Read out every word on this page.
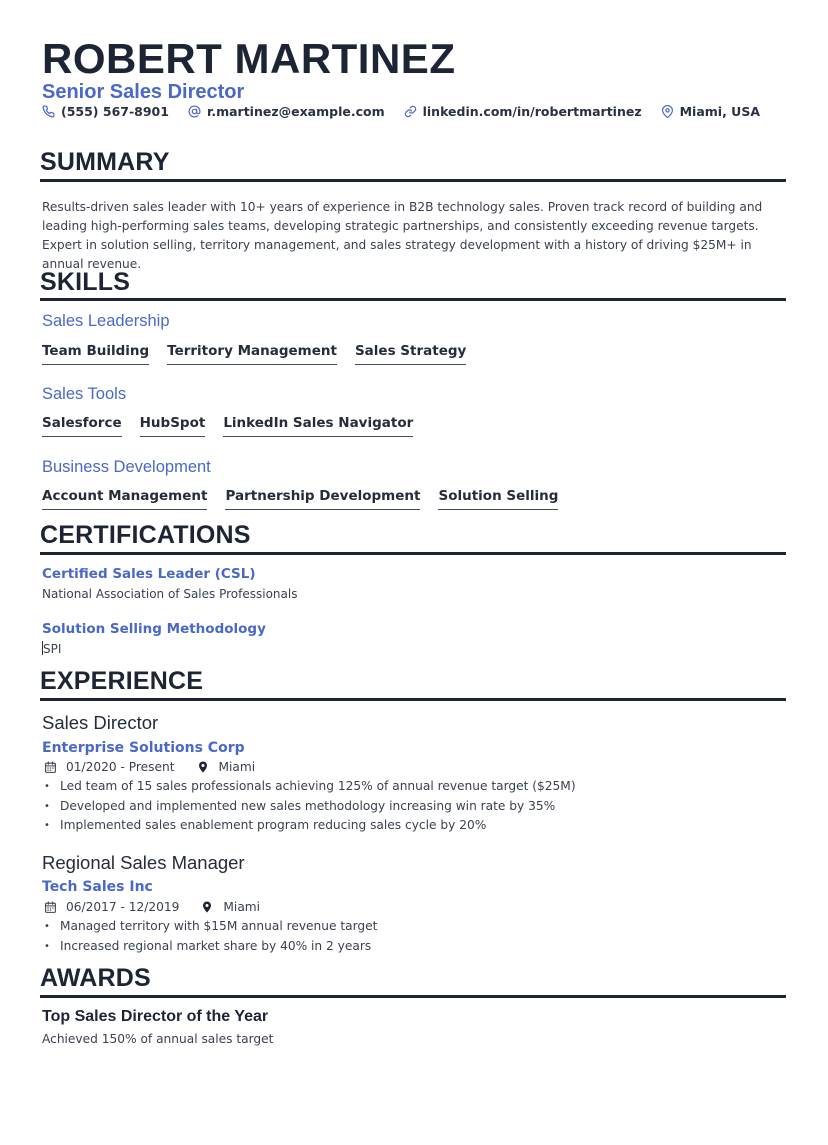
ROBERT MARTINEZ
Senior Sales Director
(555) 567-8901	r.martinez@example.com	linkedin.com/in/robertmartinez	Miami, USA
SUMMARY
Results-driven sales leader with 10+ years of experience in B2B technology sales. Proven track record of building and leading high-performing sales teams, developing strategic partnerships, and consistently exceeding revenue targets. Expert in solution selling, territory management, and sales strategy development with a history of driving $25M+ in annual revenue.
SKILLS
Sales Leadership
Team Building Territory Management Sales Strategy
Sales Tools
Salesforce HubSpot LinkedIn Sales Navigator
Business Development
Account Management Partnership Development Solution Selling
CERTIFICATIONS
Certified Sales Leader (CSL)
National Association of Sales Professionals
Solution Selling Methodology
SPI
EXPERIENCE
Sales Director
Enterprise Solutions Corp
01/2020 - Present	Miami
• Led team of 15 sales professionals achieving 125% of annual revenue target ($25M)
• Developed and implemented new sales methodology increasing win rate by 35%
• Implemented sales enablement program reducing sales cycle by 20%
Regional Sales Manager
Tech Sales Inc
06/2017 - 12/2019	Miami
• Managed territory with $15M annual revenue target
• Increased regional market share by 40% in 2 years
AWARDS
Top Sales Director of the Year
Achieved 150% of annual sales target
